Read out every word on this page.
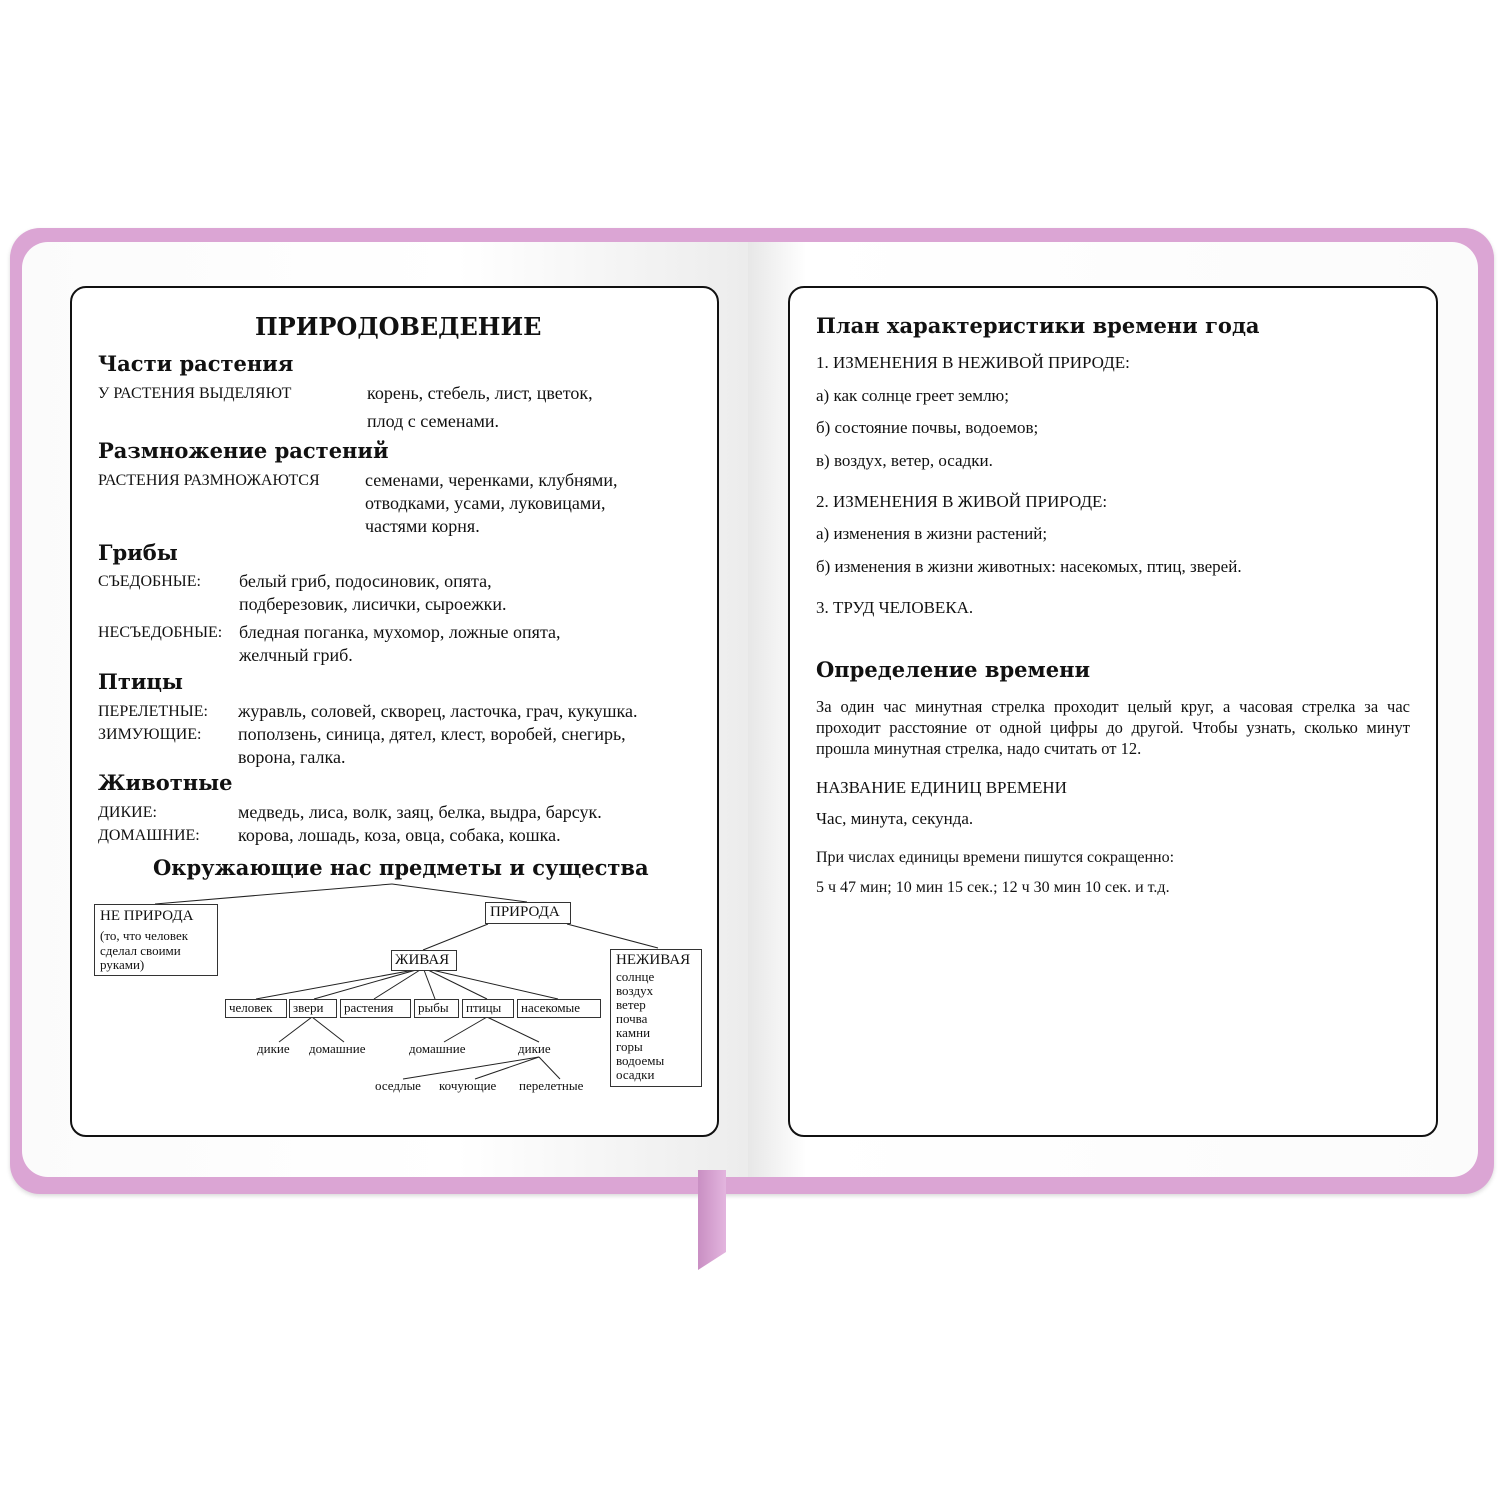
ПРИРОДОВЕДЕНИЕ
Части растения
У РАСТЕНИЯ ВЫДЕЛЯЮТ	корень, стебель, лист, цветок,
плод с семенами.
Размножение растений
РАСТЕНИЯ РАЗМНОЖАЮТСЯ	семенами, черенками, клубнями,
отводками, усами, луковицами,
частями корня.
Грибы
СЪЕДОБНЫЕ: белый гриб, подосиновик, опята,
подберезовик, лисички, сыроежки.
НЕСЪЕДОБНЫЕ: бледная поганка, мухомор, ложные опята,
желчный гриб.
Птицы
ПЕРЕЛЕТНЫЕ: журавль, соловей, скворец, ласточка, грач, кукушка.
ЗИМУЮЩИЕ: поползень, синица, дятел, клест, воробей, снегирь,
ворона, галка.
Животные
ДИКИЕ:	медведь, лиса, волк, заяц, белка, выдра, барсук.
ДОМАШНИЕ: корова, лошадь, коза, овца, собака, кошка.
Окружающие нас предметы и существа
НЕ ПРИРОДА
(то, что человек
сделал своими
руками)
ПРИРОДА
ЖИВАЯ	НЕЖИВАЯ
солнце
воздух
ветер
почва
камни
горы
водоемы
осадки
человек звери растения рыбы птицы насекомые
дикие домашние	домашние	дикие
оседлые кочующие перелетные
План характеристики времени года
1. ИЗМЕНЕНИЯ В НЕЖИВОЙ ПРИРОДЕ:
а) как солнце греет землю;
б) состояние почвы, водоемов;
в) воздух, ветер, осадки.
2. ИЗМЕНЕНИЯ В ЖИВОЙ ПРИРОДЕ:
а) изменения в жизни растений;
б) изменения в жизни животных: насекомых, птиц, зверей.
3. ТРУД ЧЕЛОВЕКА.
Определение времени
За один час минутная стрелка проходит целый круг, а часовая стрелка за час проходит расстояние от одной цифры до другой. Чтобы узнать, сколько минут прошла минутная стрелка, надо считать от 12.
НАЗВАНИЕ ЕДИНИЦ ВРЕМЕНИ
Час, минута, секунда.
При числах единицы времени пишутся сокращенно:
5 ч 47 мин; 10 мин 15 сек.; 12 ч 30 мин 10 сек. и т.д.
